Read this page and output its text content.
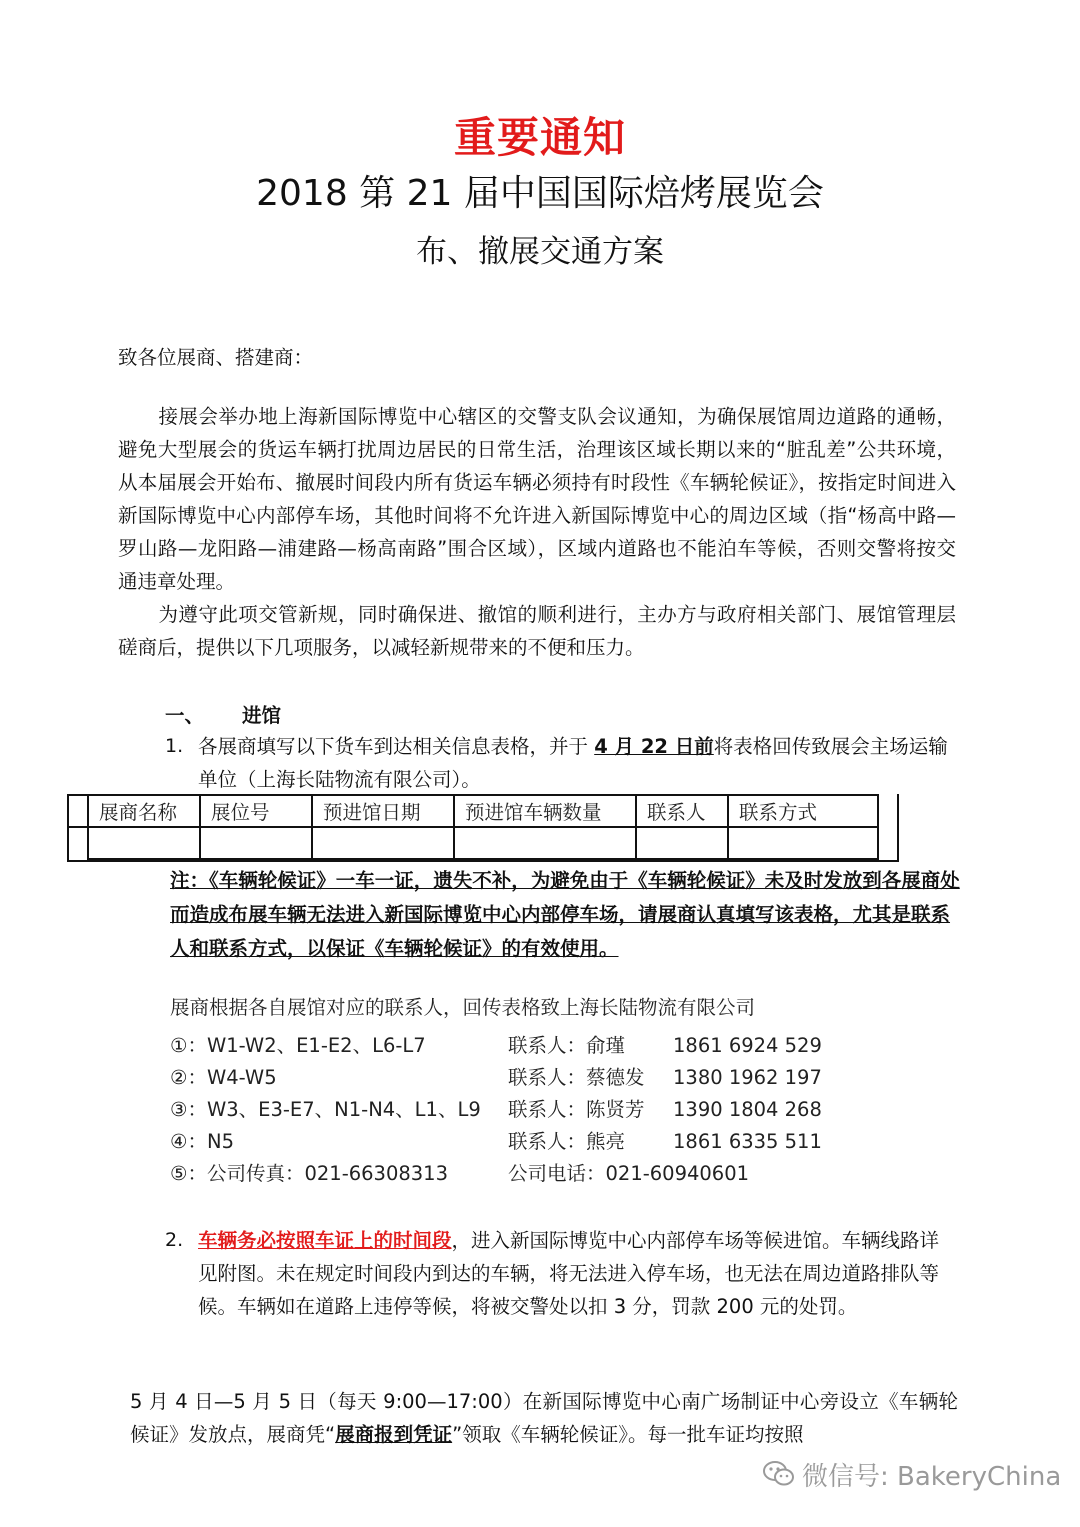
重要通知
2018 第 21 届中国国际焙烤展览会
布、撤展交通方案
致各位展商、搭建商：
接展会举办地上海新国际博览中心辖区的交警支队会议通知，为确保展馆周边道路的通畅，避免大型展会的货运车辆打扰周边居民的日常生活，治理该区域长期以来的“脏乱差”公共环境，从本届展会开始布、撤展时间段内所有货运车辆必须持有时段性《车辆轮候证》，按指定时间进入新国际博览中心内部停车场，其他时间将不允许进入新国际博览中心的周边区域（指“杨高中路—罗山路—龙阳路—浦建路—杨高南路”围合区域），区域内道路也不能泊车等候，否则交警将按交通违章处理。
为遵守此项交管新规，同时确保进、撤馆的顺利进行，主办方与政府相关部门、展馆管理层磋商后，提供以下几项服务，以减轻新规带来的不便和压力。
一、 进馆
1. 各展商填写以下货车到达相关信息表格，并于 4 月 22 日前将表格回传致展会主场运输单位（上海长陆物流有限公司）。
	展商名称	展位号	预进馆日期	预进馆车辆数量	联系人	联系方式

注：《车辆轮候证》一车一证，遗失不补，为避免由于《车辆轮候证》未及时发放到各展商处而造成布展车辆无法进入新国际博览中心内部停车场，请展商认真填写该表格，尤其是联系人和联系方式，以保证《车辆轮候证》的有效使用。
展商根据各自展馆对应的联系人，回传表格致上海长陆物流有限公司
①：W1-W2、E1-E2、L6-L7	联系人：俞瑾 1861 6924 529
②：W4-W5	联系人：蔡德发 1380 1962 197
③：W3、E3-E7、N1-N4、L1、L9 联系人：陈贤芳 1390 1804 268
④：N5	联系人：熊亮 1861 6335 511
⑤：公司传真：021-66308313	公司电话：021-60940601
2. 车辆务必按照车证上的时间段，进入新国际博览中心内部停车场等候进馆。车辆线路详见附图。未在规定时间段内到达的车辆，将无法进入停车场，也无法在周边道路排队等候。车辆如在道路上违停等候，将被交警处以扣 3 分，罚款 200 元的处罚。
5 月 4 日—5 月 5 日（每天 9:00—17:00）在新国际博览中心南广场制证中心旁设立《车辆轮候证》发放点，展商凭“展商报到凭证”领取《车辆轮候证》。每一批车证均按照
微信号: BakeryChina
